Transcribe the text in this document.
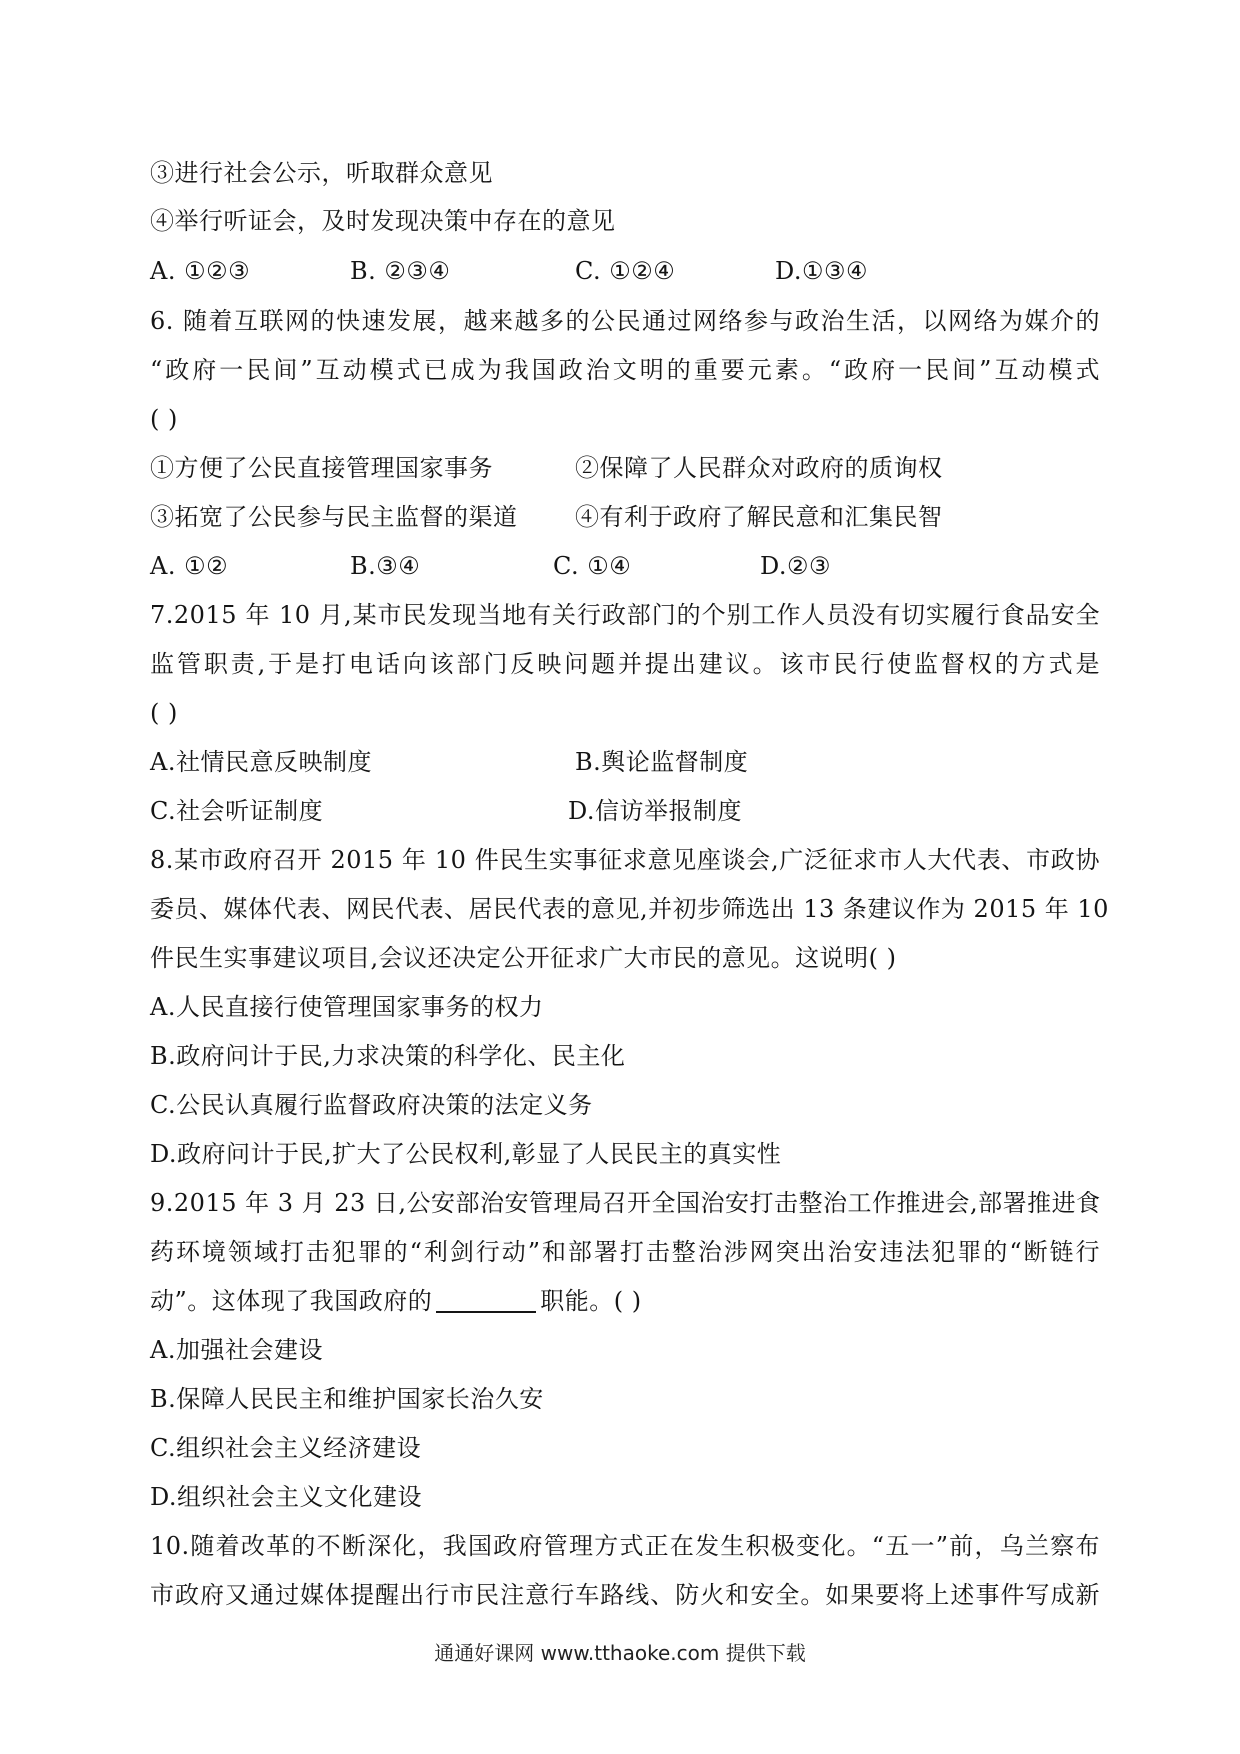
③进行社会公示，听取群众意见
④举行听证会，及时发现决策中存在的意见
A. ①②③	B. ②③④	C. ①②④	D.①③④
6. 随着互联网的快速发展，越来越多的公民通过网络参与政治生活，以网络为媒介的
“政府一民间”互动模式已成为我国政治文明的重要元素。“政府一民间”互动模式
( )
①方便了公民直接管理国家事务	②保障了人民群众对政府的质询权
③拓宽了公民参与民主监督的渠道 ④有利于政府了解民意和汇集民智
A. ①②	B.③④	C. ①④	D.②③
7.2015 年 10 月,某市民发现当地有关行政部门的个别工作人员没有切实履行食品安全
监管职责,于是打电话向该部门反映问题并提出建议。该市民行使监督权的方式是
( )
A.社情民意反映制度	B.舆论监督制度
C.社会听证制度	D.信访举报制度
8.某市政府召开 2015 年 10 件民生实事征求意见座谈会,广泛征求市人大代表、市政协
委员、媒体代表、网民代表、居民代表的意见,并初步筛选出 13 条建议作为 2015 年 10
件民生实事建议项目,会议还决定公开征求广大市民的意见。这说明( )
A.人民直接行使管理国家事务的权力
B.政府问计于民,力求决策的科学化、民主化
C.公民认真履行监督政府决策的法定义务
D.政府问计于民,扩大了公民权利,彰显了人民民主的真实性
9.2015 年 3 月 23 日,公安部治安管理局召开全国治安打击整治工作推进会,部署推进食
药环境领域打击犯罪的“利剑行动”和部署打击整治涉网突出治安违法犯罪的“断链行
动”。这体现了我国政府的	职能。( )
A.加强社会建设
B.保障人民民主和维护国家长治久安
C.组织社会主义经济建设
D.组织社会主义文化建设
10.随着改革的不断深化，我国政府管理方式正在发生积极变化。“五一”前，乌兰察布
市政府又通过媒体提醒出行市民注意行车路线、防火和安全。如果要将上述事件写成新
通通好课网 www.tthaoke.com 提供下载
